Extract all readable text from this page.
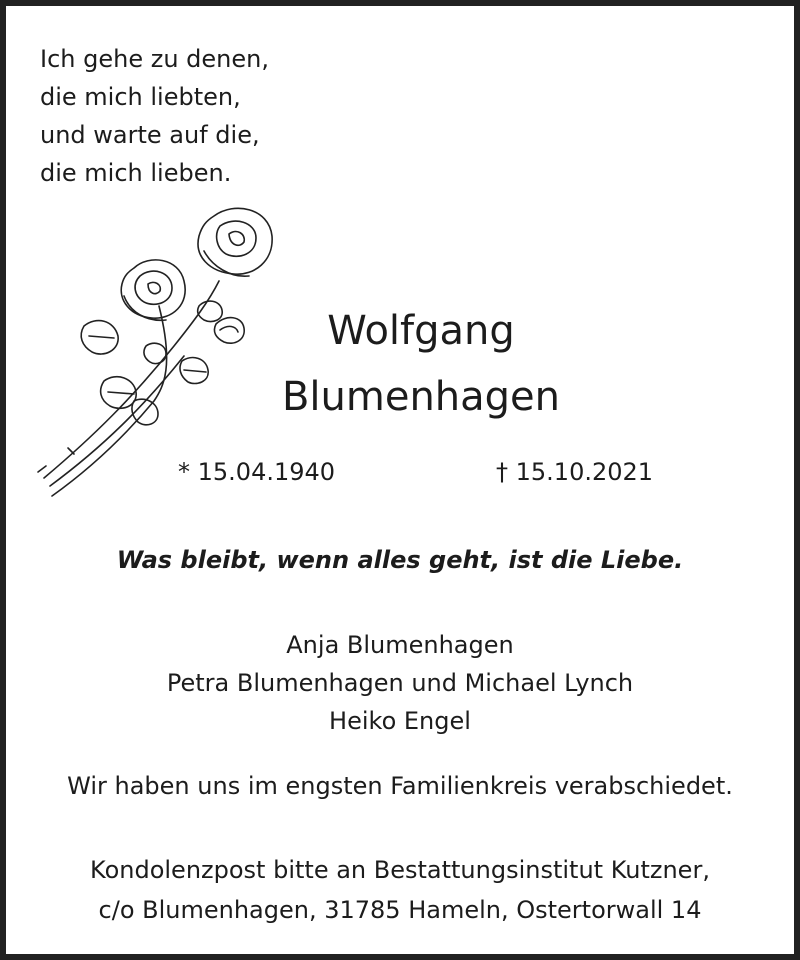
Ich gehe zu denen,
die mich liebten,
und warte auf die,
die mich lieben.
Wolfgang
Blumenhagen
* 15.04.1940	† 15.10.2021
Was bleibt, wenn alles geht, ist die Liebe.
Anja Blumenhagen
Petra Blumenhagen und Michael Lynch
Heiko Engel
Wir haben uns im engsten Familienkreis verabschiedet.
Kondolenzpost bitte an Bestattungsinstitut Kutzner,
c/o Blumenhagen, 31785 Hameln, Ostertorwall 14
